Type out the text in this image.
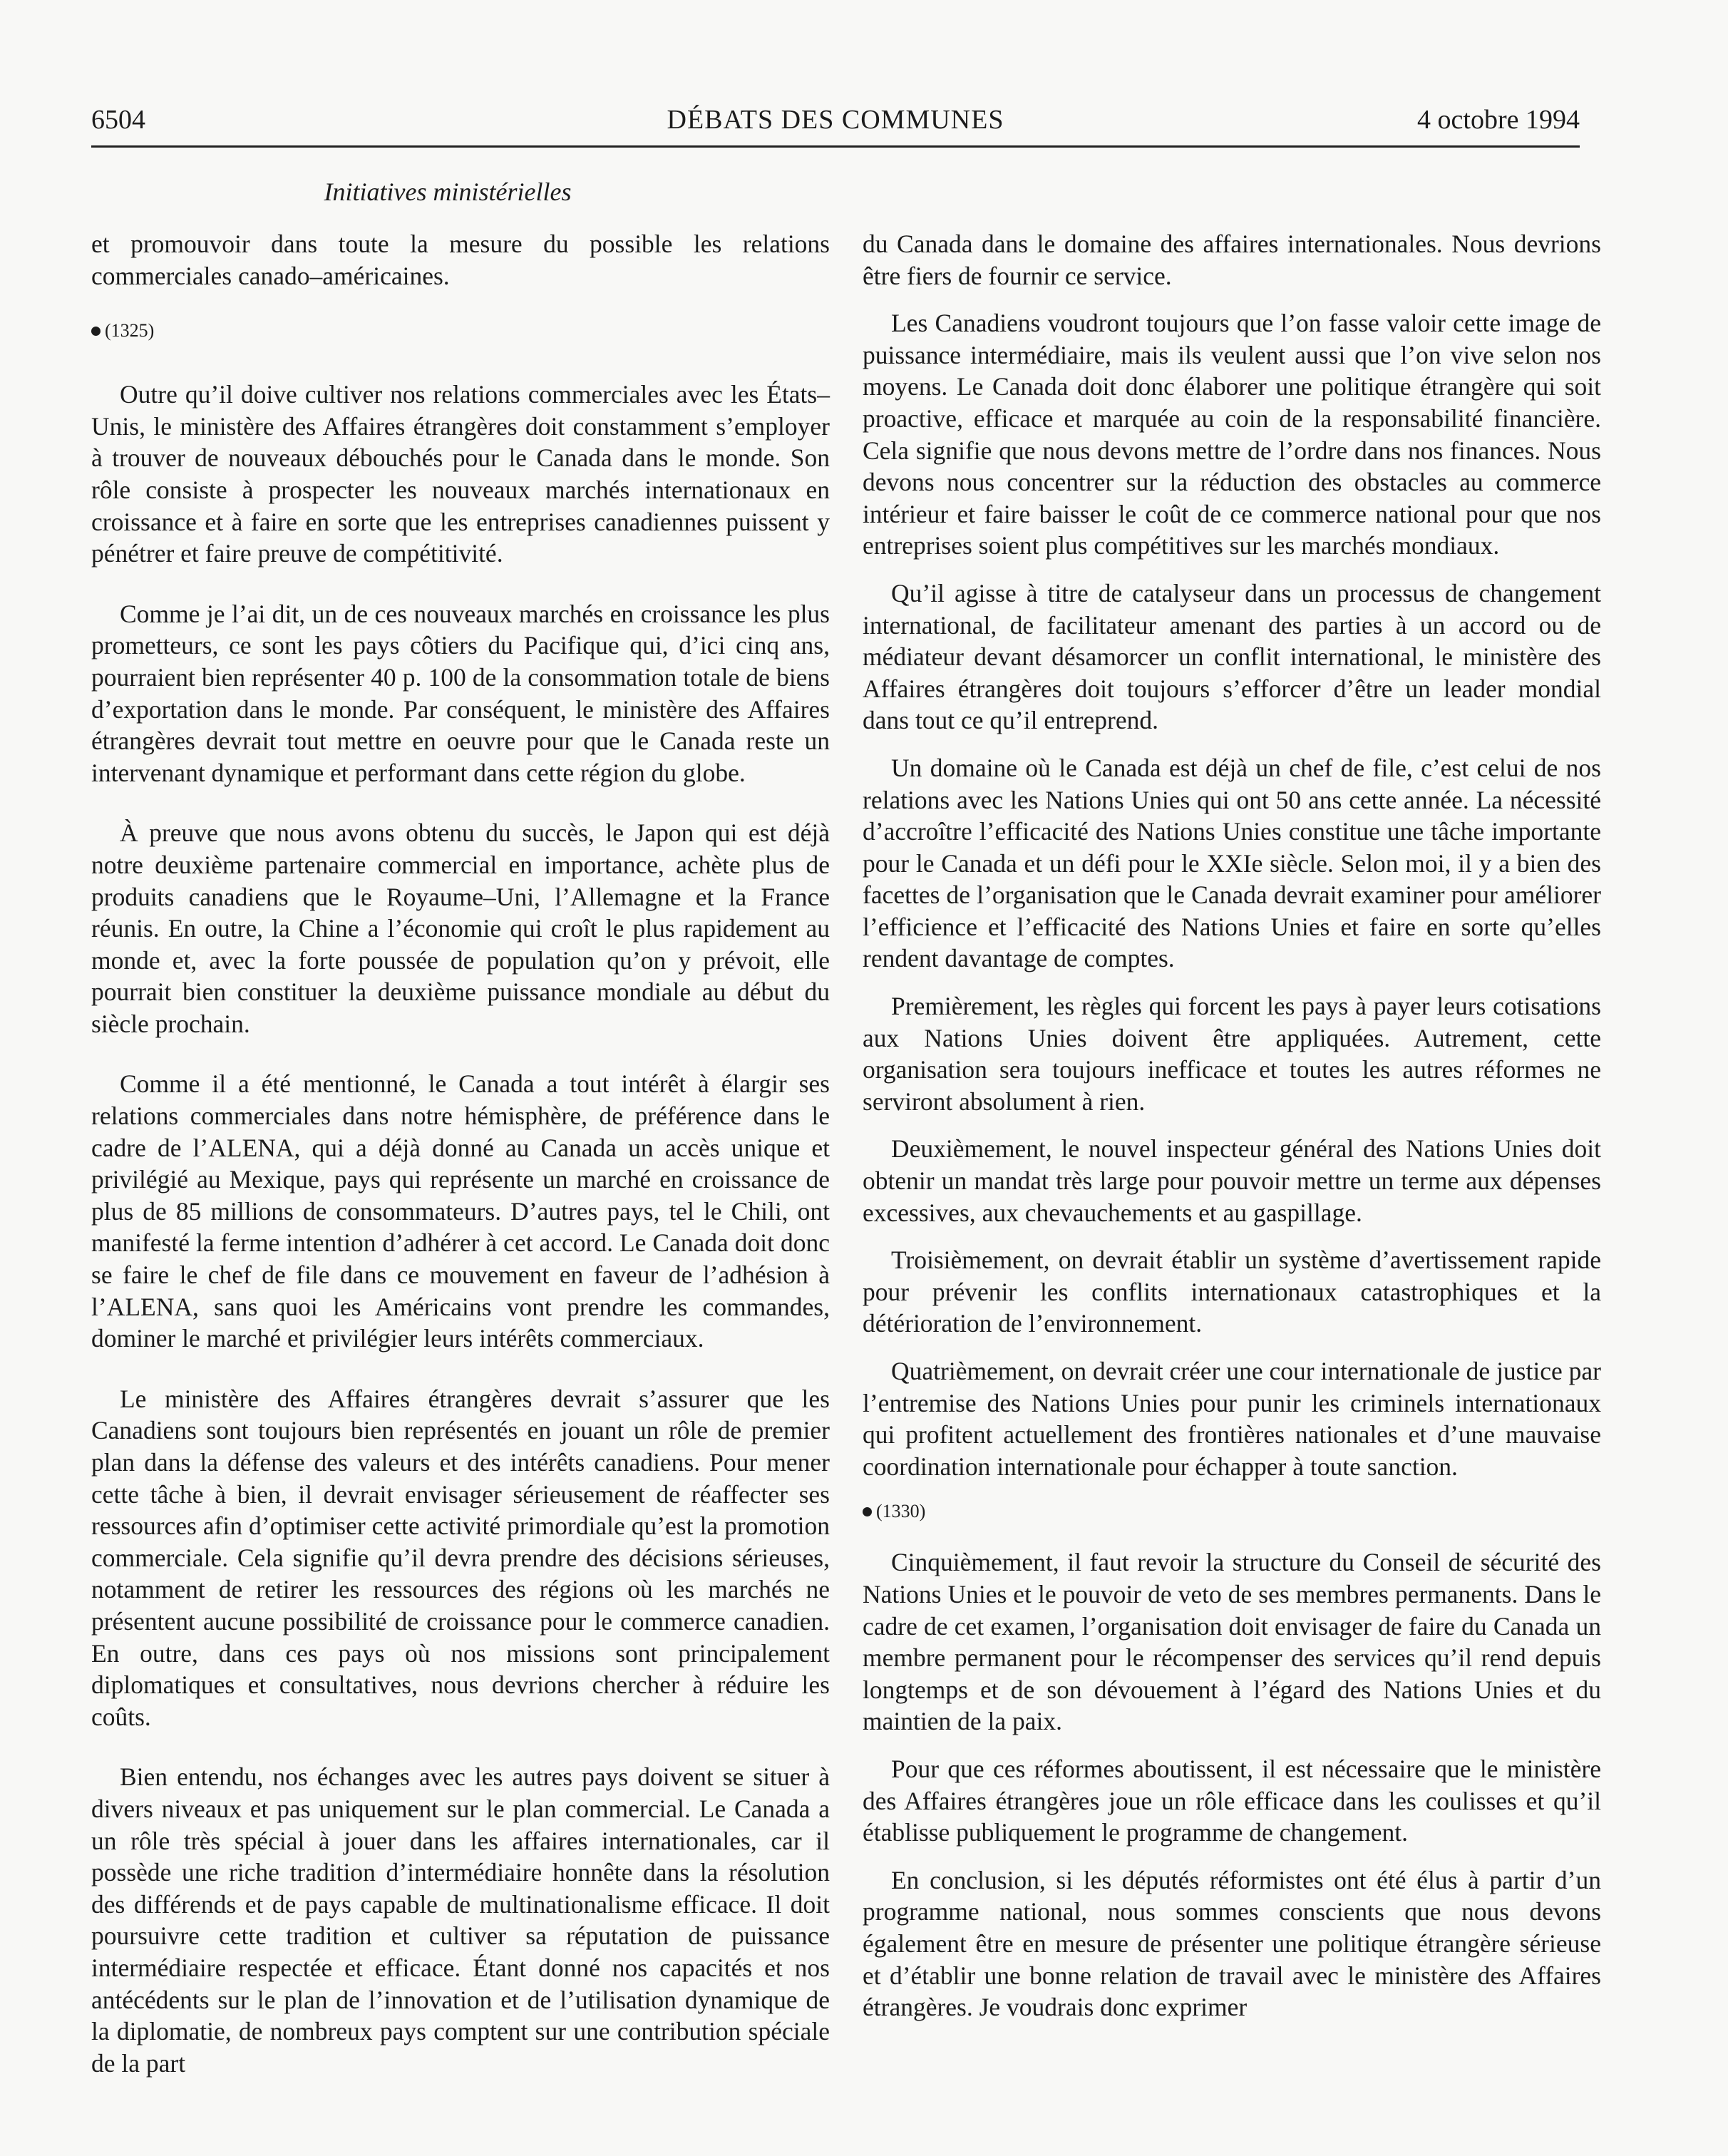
6504	DÉBATS DES COMMUNES	4 octobre 1994
Initiatives ministérielles

et promouvoir dans toute la mesure du possible les relations commerciales canado–américaines.

(1325)

Outre qu’il doive cultiver nos relations commerciales avec les États–Unis, le ministère des Affaires étrangères doit constamment s’employer à trouver de nouveaux débouchés pour le Canada dans le monde. Son rôle consiste à prospecter les nouveaux marchés internationaux en croissance et à faire en sorte que les entreprises canadiennes puissent y pénétrer et faire preuve de compétitivité.

Comme je l’ai dit, un de ces nouveaux marchés en croissance les plus prometteurs, ce sont les pays côtiers du Pacifique qui, d’ici cinq ans, pourraient bien représenter 40 p. 100 de la consommation totale de biens d’exportation dans le monde. Par conséquent, le ministère des Affaires étrangères devrait tout mettre en oeuvre pour que le Canada reste un intervenant dynamique et performant dans cette région du globe.

À preuve que nous avons obtenu du succès, le Japon qui est déjà notre deuxième partenaire commercial en importance, achète plus de produits canadiens que le Royaume–Uni, l’Allemagne et la France réunis. En outre, la Chine a l’économie qui croît le plus rapidement au monde et, avec la forte poussée de population qu’on y prévoit, elle pourrait bien constituer la deuxième puissance mondiale au début du siècle prochain.

Comme il a été mentionné, le Canada a tout intérêt à élargir ses relations commerciales dans notre hémisphère, de préférence dans le cadre de l’ALENA, qui a déjà donné au Canada un accès unique et privilégié au Mexique, pays qui représente un marché en croissance de plus de 85 millions de consommateurs. D’autres pays, tel le Chili, ont manifesté la ferme intention d’adhérer à cet accord. Le Canada doit donc se faire le chef de file dans ce mouvement en faveur de l’adhésion à l’ALENA, sans quoi les Américains vont prendre les commandes, dominer le marché et privilégier leurs intérêts commerciaux.

Le ministère des Affaires étrangères devrait s’assurer que les Canadiens sont toujours bien représentés en jouant un rôle de premier plan dans la défense des valeurs et des intérêts canadiens. Pour mener cette tâche à bien, il devrait envisager sérieusement de réaffecter ses ressources afin d’optimiser cette activité primordiale qu’est la promotion commerciale. Cela signifie qu’il devra prendre des décisions sérieuses, notamment de retirer les ressources des régions où les marchés ne présentent aucune possibilité de croissance pour le commerce canadien. En outre, dans ces pays où nos missions sont principalement diplomatiques et consultatives, nous devrions chercher à réduire les coûts.

Bien entendu, nos échanges avec les autres pays doivent se situer à divers niveaux et pas uniquement sur le plan commercial. Le Canada a un rôle très spécial à jouer dans les affaires internationales, car il possède une riche tradition d’intermédiaire honnête dans la résolution des différends et de pays capable de multinationalisme efficace. Il doit poursuivre cette tradition et cultiver sa réputation de puissance intermédiaire respectée et efficace. Étant donné nos capacités et nos antécédents sur le plan de l’innovation et de l’utilisation dynamique de la diplomatie, de nombreux pays comptent sur une contribution spéciale de la part

du Canada dans le domaine des affaires internationales. Nous devrions être fiers de fournir ce service.

Les Canadiens voudront toujours que l’on fasse valoir cette image de puissance intermédiaire, mais ils veulent aussi que l’on vive selon nos moyens. Le Canada doit donc élaborer une politique étrangère qui soit proactive, efficace et marquée au coin de la responsabilité financière. Cela signifie que nous devons mettre de l’ordre dans nos finances. Nous devons nous concentrer sur la réduction des obstacles au commerce intérieur et faire baisser le coût de ce commerce national pour que nos entreprises soient plus compétitives sur les marchés mondiaux.

Qu’il agisse à titre de catalyseur dans un processus de changement international, de facilitateur amenant des parties à un accord ou de médiateur devant désamorcer un conflit international, le ministère des Affaires étrangères doit toujours s’efforcer d’être un leader mondial dans tout ce qu’il entreprend.

Un domaine où le Canada est déjà un chef de file, c’est celui de nos relations avec les Nations Unies qui ont 50 ans cette année. La nécessité d’accroître l’efficacité des Nations Unies constitue une tâche importante pour le Canada et un défi pour le XXIe siècle. Selon moi, il y a bien des facettes de l’organisation que le Canada devrait examiner pour améliorer l’efficience et l’efficacité des Nations Unies et faire en sorte qu’elles rendent davantage de comptes.

Premièrement, les règles qui forcent les pays à payer leurs cotisations aux Nations Unies doivent être appliquées. Autrement, cette organisation sera toujours inefficace et toutes les autres réformes ne serviront absolument à rien.

Deuxièmement, le nouvel inspecteur général des Nations Unies doit obtenir un mandat très large pour pouvoir mettre un terme aux dépenses excessives, aux chevauchements et au gaspillage.

Troisièmement, on devrait établir un système d’avertissement rapide pour prévenir les conflits internationaux catastrophiques et la détérioration de l’environnement.

Quatrièmement, on devrait créer une cour internationale de justice par l’entremise des Nations Unies pour punir les criminels internationaux qui profitent actuellement des frontières nationales et d’une mauvaise coordination internationale pour échapper à toute sanction.

(1330)

Cinquièmement, il faut revoir la structure du Conseil de sécurité des Nations Unies et le pouvoir de veto de ses membres permanents. Dans le cadre de cet examen, l’organisation doit envisager de faire du Canada un membre permanent pour le récompenser des services qu’il rend depuis longtemps et de son dévouement à l’égard des Nations Unies et du maintien de la paix.

Pour que ces réformes aboutissent, il est nécessaire que le ministère des Affaires étrangères joue un rôle efficace dans les coulisses et qu’il établisse publiquement le programme de changement.

En conclusion, si les députés réformistes ont été élus à partir d’un programme national, nous sommes conscients que nous devons également être en mesure de présenter une politique étrangère sérieuse et d’établir une bonne relation de travail avec le ministère des Affaires étrangères. Je voudrais donc exprimer
